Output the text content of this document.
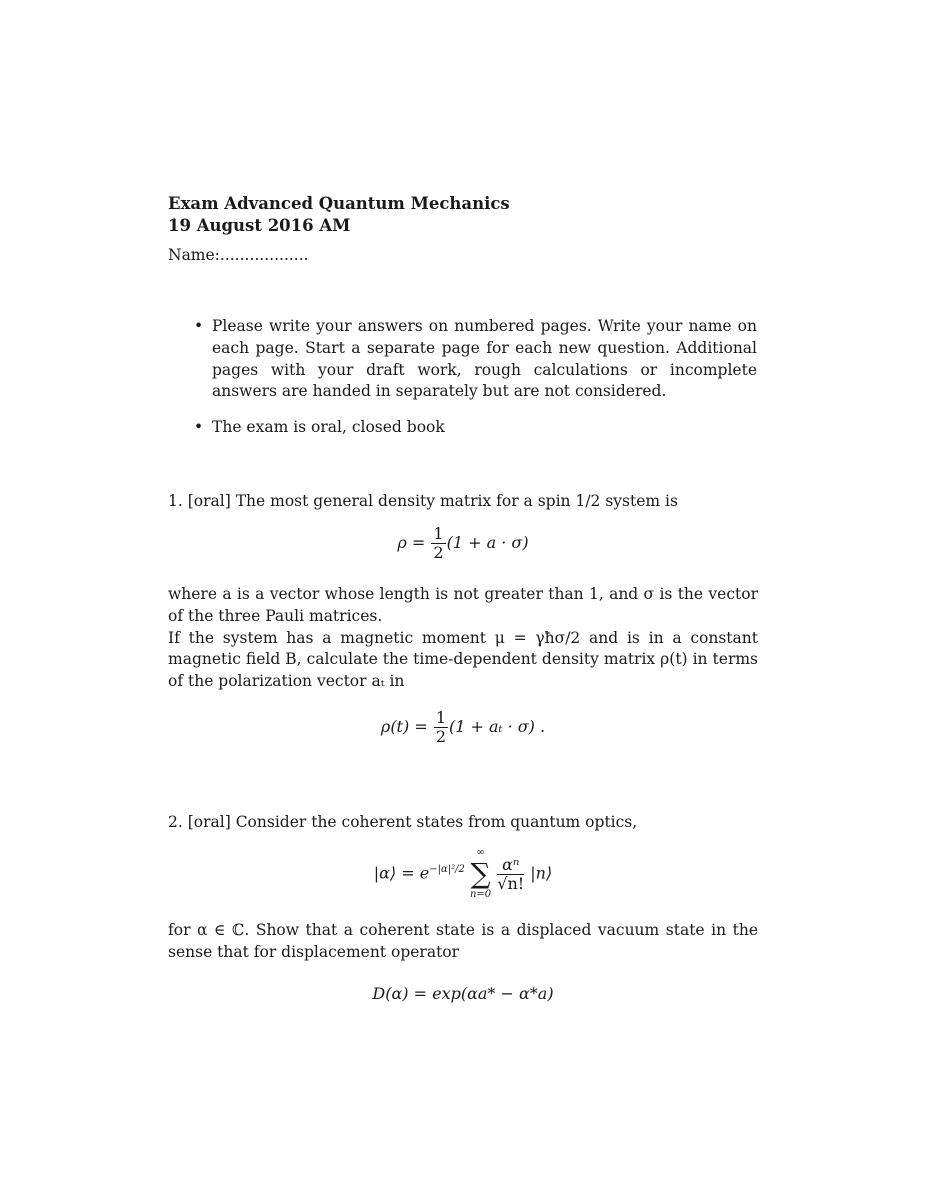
Exam Advanced Quantum Mechanics
19 August 2016 AM
Name:..................
• Please write your answers on numbered pages. Write your name on each page. Start a separate page for each new question. Additional pages with your draft work, rough calculations or incomplete answers are handed in separately but are not considered.
• The exam is oral, closed book

1. [oral] The most general density matrix for a spin 1/2 system is

$\rho = \frac{1}{2} (1 + a \cdot \sigma)$

where a is a vector whose length is not greater than 1, and σ is the vector of the three Pauli matrices.

If the system has a magnetic moment μ = γħσ/2 and is in a constant magnetic field B, calculate the time-dependent density matrix ρ(t) in terms of the polarization vector aₜ in

$\rho(t) = \frac{1}{2} (1 + a_t \cdot \sigma)$ .

2. [oral] Consider the coherent states from quantum optics,

|α⟩ = $e^{-|\alpha|^2/2}$
∞
∑
n=0

$\frac{\text{αⁿ}}{√n!}$ |n⟩

for α ∈ ℂ. Show that a coherent state is a displaced vacuum state in the sense that for displacement operator

D(α) = exp(αa* − α*a)
